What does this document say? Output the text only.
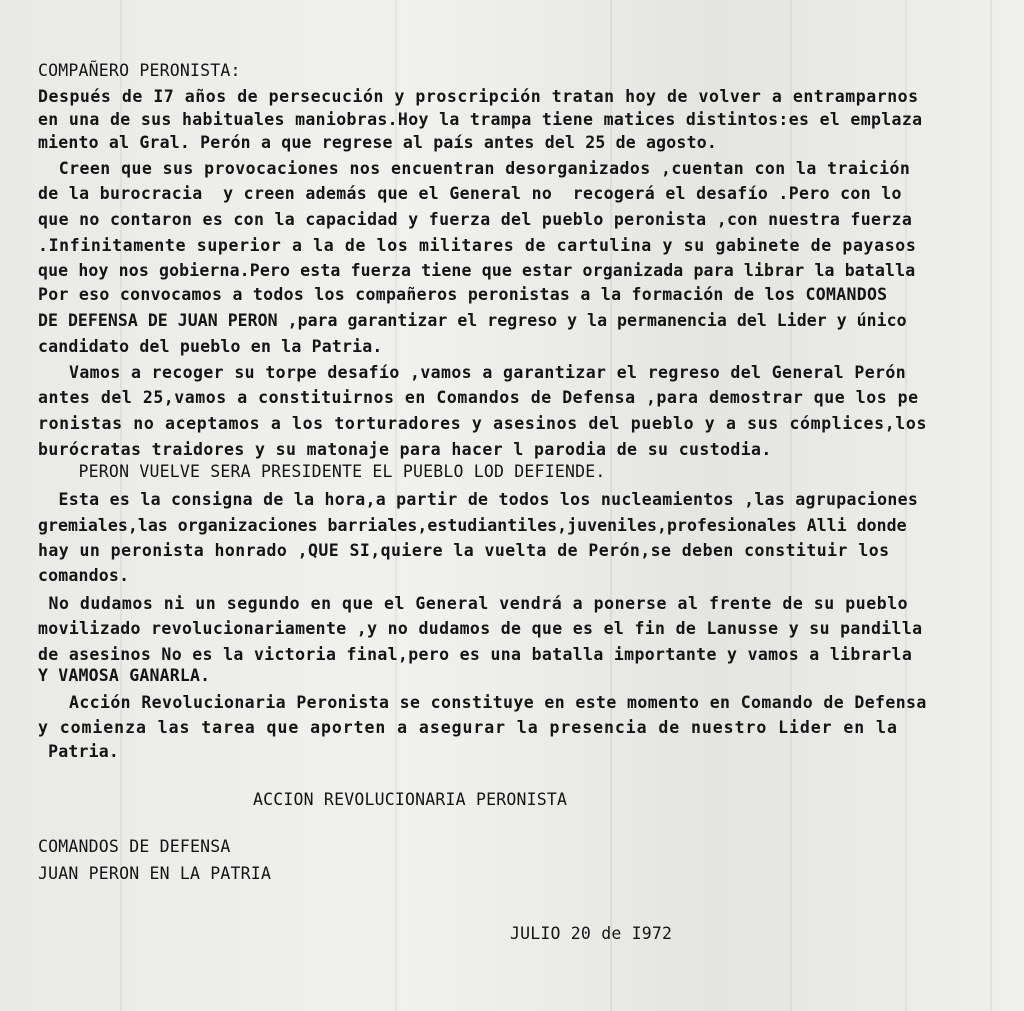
COMPAÑERO PERONISTA:

Después de I7 años de persecución y proscripción tratan hoy de volver a entramparnos

en una de sus habituales maniobras.Hoy la trampa tiene matices distintos:es el emplaza

miento al Gral. Perón a que regrese al país antes del 25 de agosto.

Creen que sus provocaciones nos encuentran desorganizados ,cuentan con la traición

de la burocracia  y creen además que el General no  recogerá el desafío .Pero con lo

que no contaron es con la capacidad y fuerza del pueblo peronista ,con nuestra fuerza

.Infinitamente superior a la de los militares de cartulina y su gabinete de payasos

que hoy nos gobierna.Pero esta fuerza tiene que estar organizada para librar la batalla

Por eso convocamos a todos los compañeros peronistas a la formación de los COMANDOS

DE DEFENSA DE JUAN PERON ,para garantizar el regreso y la permanencia del Lider y único

candidato del pueblo en la Patria.

Vamos a recoger su torpe desafío ,vamos a garantizar el regreso del General Perón

antes del 25,vamos a constituirnos en Comandos de Defensa ,para demostrar que los pe

ronistas no aceptamos a los torturadores y asesinos del pueblo y a sus cómplices,los

burócratas traidores y su matonaje para hacer l parodia de su custodia.

PERON VUELVE SERA PRESIDENTE EL PUEBLO LOD DEFIENDE.

Esta es la consigna de la hora,a partir de todos los nucleamientos ,las agrupaciones

gremiales,las organizaciones barriales,estudiantiles,juveniles,profesionales Alli donde

hay un peronista honrado ,QUE SI,quiere la vuelta de Perón,se deben constituir los

comandos.

No dudamos ni un segundo en que el General vendrá a ponerse al frente de su pueblo

movilizado revolucionariamente ,y no dudamos de que es el fin de Lanusse y su pandilla

de asesinos No es la victoria final,pero es una batalla importante y vamos a librarla

Y VAMOSA GANARLA.

Acción Revolucionaria Peronista se constituye en este momento en Comando de Defensa

y comienza las tarea que aporten a asegurar la presencia de nuestro Lider en la

Patria.

ACCION REVOLUCIONARIA PERONISTA

COMANDOS DE DEFENSA

JUAN PERON EN LA PATRIA

JULIO 20 de I972
